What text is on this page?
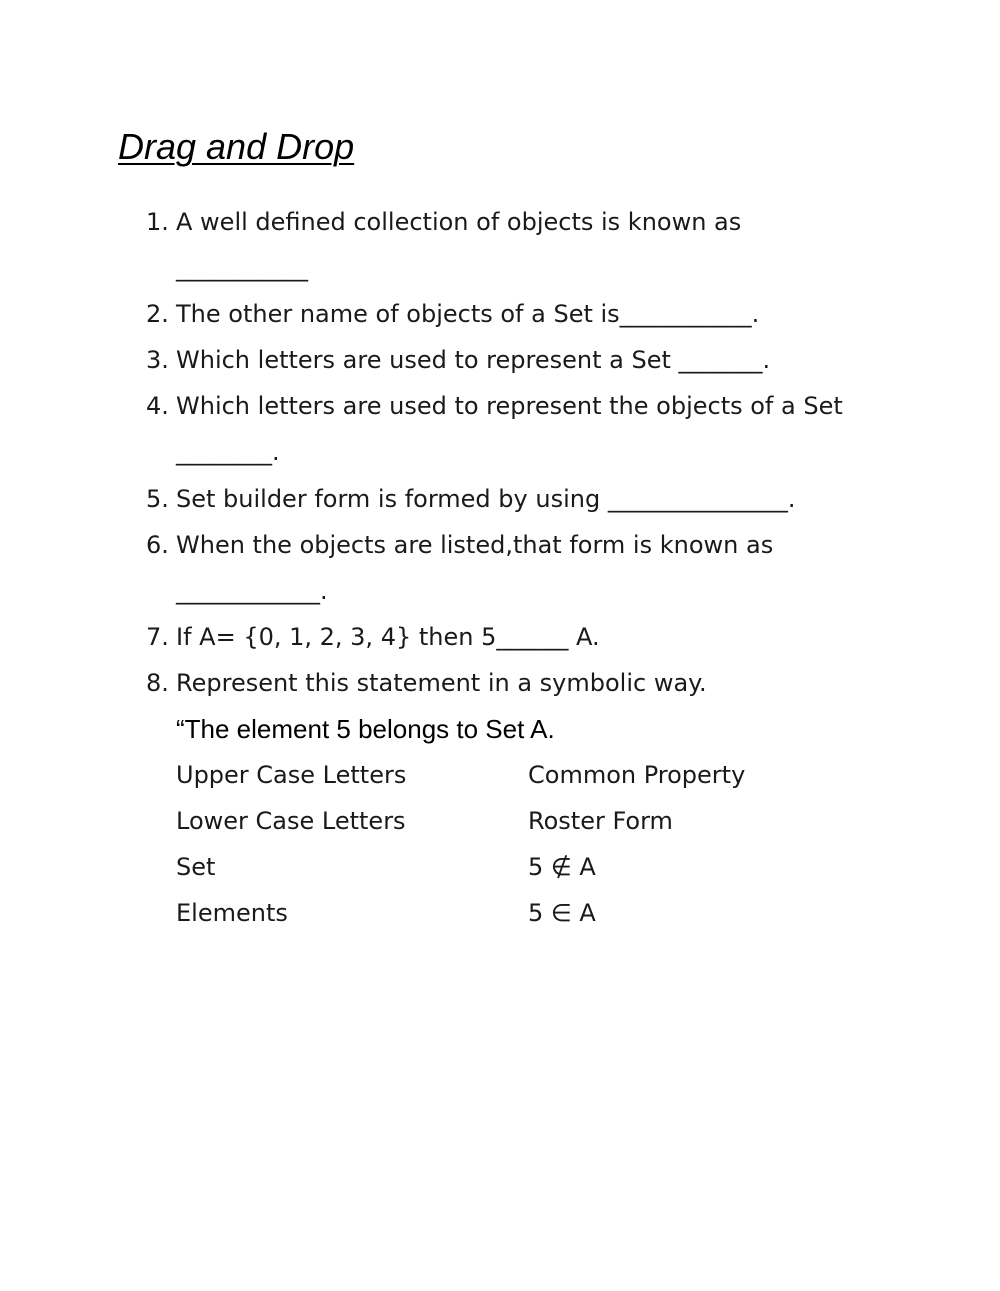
Drag and Drop
1. A well defined collection of objects is known as
___________
2. The other name of objects of a Set is___________.
3. Which letters are used to represent a Set _______.
4. Which letters are used to represent the objects of a Set
________.
5. Set builder form is formed by using _______________.
6. When the objects are listed,that form is known as
____________.
7. If A= {0, 1, 2, 3, 4} then 5______ A.
8. Represent this statement in a symbolic way.
“The element 5 belongs to Set A.
Upper Case Letters	Common Property
Lower Case Letters	Roster Form
Set	5 ∉ A
Elements	5 ∈ A
